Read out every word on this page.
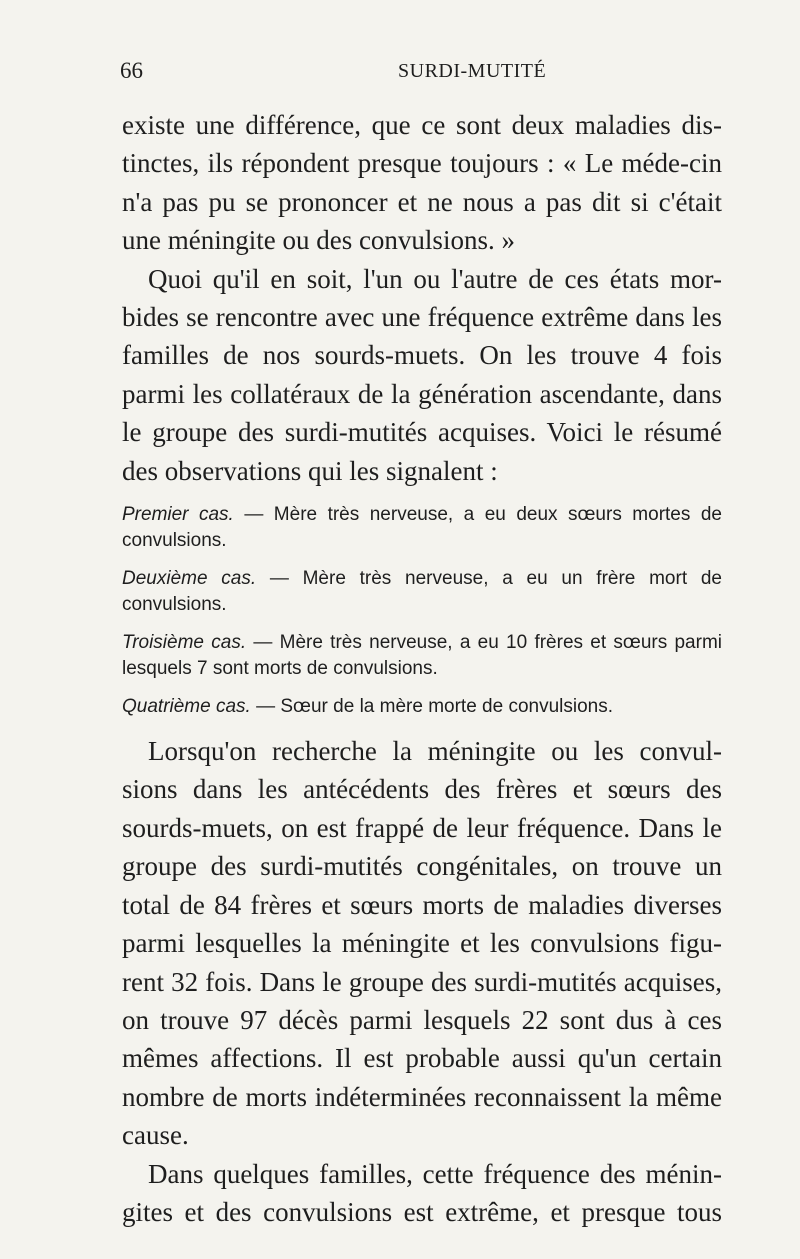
66	SURDI-MUTITÉ

existe une différence, que ce sont deux maladies dis-tinctes, ils répondent presque toujours : « Le méde-cin n'a pas pu se prononcer et ne nous a pas dit si c'était une méningite ou des convulsions. »

Quoi qu'il en soit, l'un ou l'autre de ces états mor-bides se rencontre avec une fréquence extrême dans les familles de nos sourds-muets. On les trouve 4 fois parmi les collatéraux de la génération ascendante, dans le groupe des surdi-mutités acquises. Voici le résumé des observations qui les signalent :

Premier cas. — Mère très nerveuse, a eu deux sœurs mortes de convulsions.

Deuxième cas. — Mère très nerveuse, a eu un frère mort de convulsions.

Troisième cas. — Mère très nerveuse, a eu 10 frères et sœurs parmi lesquels 7 sont morts de convulsions.

Quatrième cas. — Sœur de la mère morte de convulsions.

Lorsqu'on recherche la méningite ou les convul-sions dans les antécédents des frères et sœurs des sourds-muets, on est frappé de leur fréquence. Dans le groupe des surdi-mutités congénitales, on trouve un total de 84 frères et sœurs morts de maladies diverses parmi lesquelles la méningite et les convulsions figu-rent 32 fois. Dans le groupe des surdi-mutités acquises, on trouve 97 décès parmi lesquels 22 sont dus à ces mêmes affections. Il est probable aussi qu'un certain nombre de morts indéterminées reconnaissent la même cause.

Dans quelques familles, cette fréquence des ménin-gites et des convulsions est extrême, et presque tous
